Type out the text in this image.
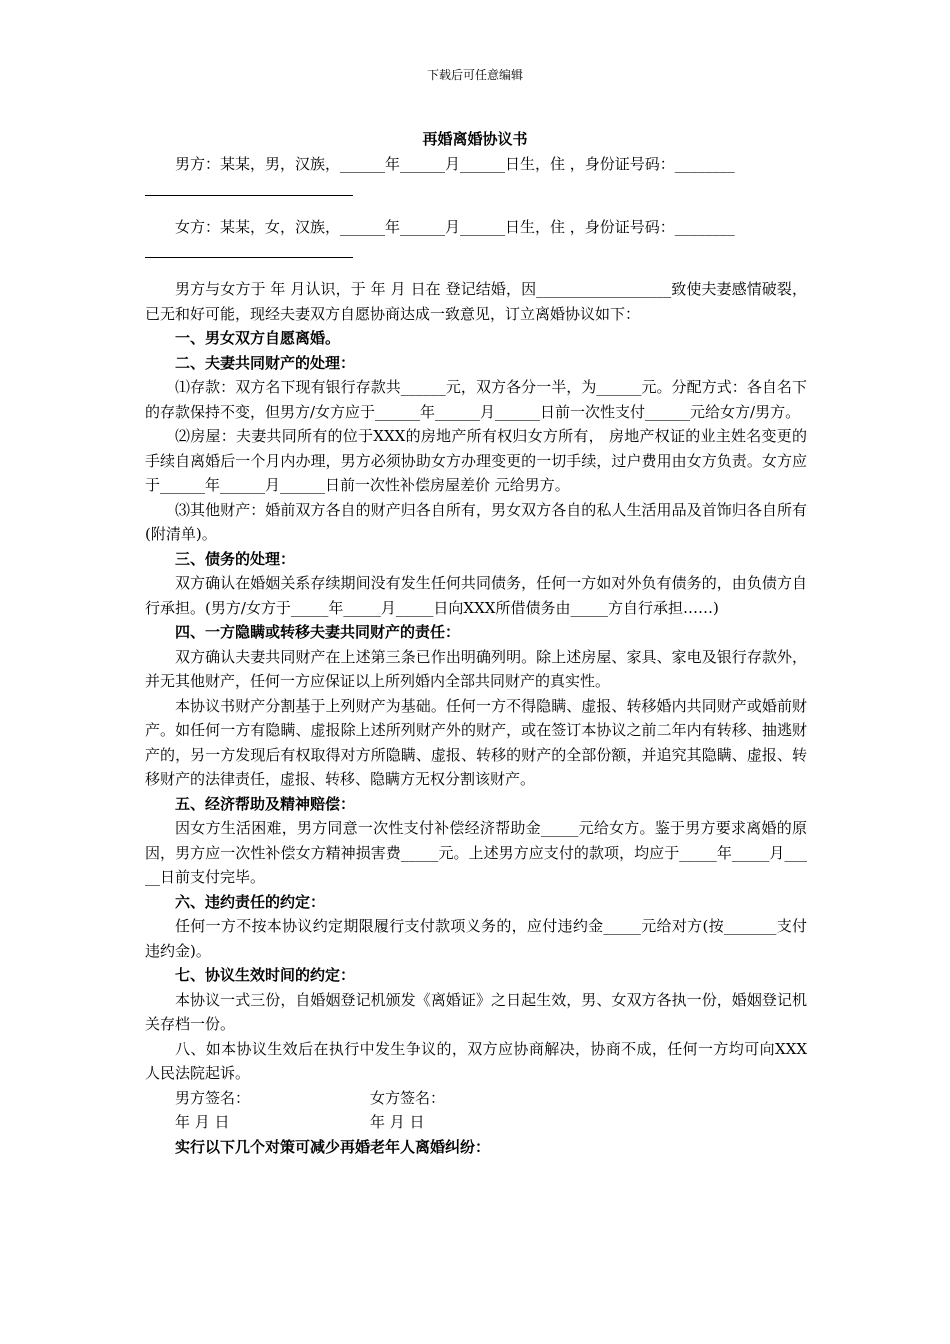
下载后可任意编辑
再婚离婚协议书

男方：某某，男，汉族，______年______月______日生，住 ，身份证号码：________

女方：某某，女，汉族，______年______月______日生，住 ，身份证号码：________

男方与女方于 年 月认识，于 年 月 日在 登记结婚，因__________________致使夫妻感情破裂，已无和好可能，现经夫妻双方自愿协商达成一致意见，订立离婚协议如下：

一、男女双方自愿离婚。

二、夫妻共同财产的处理：

⑴存款：双方名下现有银行存款共______元，双方各分一半，为______元。分配方式：各自名下的存款保持不变，但男方/女方应于______年______月______日前一次性支付______元给女方/男方。

⑵房屋：夫妻共同所有的位于XXX的房地产所有权归女方所有， 房地产权证的业主姓名变更的手续自离婚后一个月内办理，男方必须协助女方办理变更的一切手续，过户费用由女方负责。女方应于______年______月______日前一次性补偿房屋差价 元给男方。

⑶其他财产：婚前双方各自的财产归各自所有，男女双方各自的私人生活用品及首饰归各自所有(附清单)。

三、债务的处理：

双方确认在婚姻关系存续期间没有发生任何共同债务，任何一方如对外负有债务的，由负债方自行承担。(男方/女方于_____年_____月_____日向XXX所借债务由_____方自行承担……)

四、一方隐瞒或转移夫妻共同财产的责任：

双方确认夫妻共同财产在上述第三条已作出明确列明。除上述房屋、家具、家电及银行存款外，并无其他财产，任何一方应保证以上所列婚内全部共同财产的真实性。

本协议书财产分割基于上列财产为基础。任何一方不得隐瞒、虚报、转移婚内共同财产或婚前财产。如任何一方有隐瞒、虚报除上述所列财产外的财产，或在签订本协议之前二年内有转移、抽逃财产的，另一方发现后有权取得对方所隐瞒、虚报、转移的财产的全部份额，并追究其隐瞒、虚报、转移财产的法律责任，虚报、转移、隐瞒方无权分割该财产。

五、经济帮助及精神赔偿：

因女方生活困难，男方同意一次性支付补偿经济帮助金_____元给女方。鉴于男方要求离婚的原因，男方应一次性补偿女方精神损害费_____元。上述男方应支付的款项，均应于_____年_____月_____日前支付完毕。

六、违约责任的约定：

任何一方不按本协议约定期限履行支付款项义务的，应付违约金_____元给对方(按_______支付违约金)。

七、协议生效时间的约定：

本协议一式三份，自婚姻登记机颁发《离婚证》之日起生效，男、女双方各执一份，婚姻登记机关存档一份。

八、如本协议生效后在执行中发生争议的，双方应协商解决，协商不成，任何一方均可向XXX人民法院起诉。

男方签名：	女方签名：

年 月 日	年 月 日

实行以下几个对策可减少再婚老年人离婚纠纷：
